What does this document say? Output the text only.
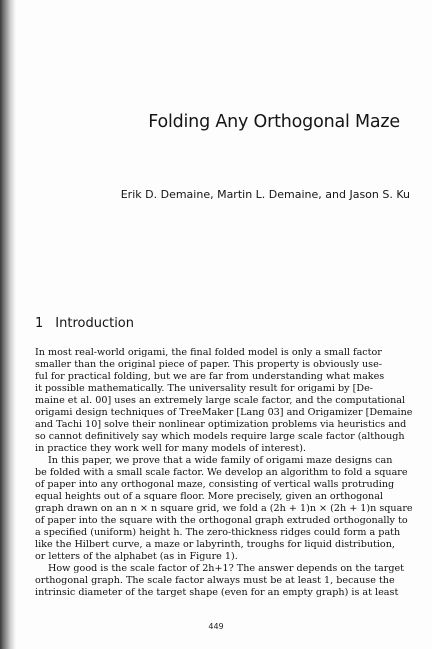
Folding Any Orthogonal Maze
Erik D. Demaine, Martin L. Demaine, and Jason S. Ku
1 Introduction
In most real-world origami, the final folded model is only a small factor
smaller than the original piece of paper. This property is obviously use-
ful for practical folding, but we are far from understanding what makes
it possible mathematically. The universality result for origami by [De-
maine et al. 00] uses an extremely large scale factor, and the computational
origami design techniques of TreeMaker [Lang 03] and Origamizer [Demaine
and Tachi 10] solve their nonlinear optimization problems via heuristics and
so cannot definitively say which models require large scale factor (although
in practice they work well for many models of interest).
In this paper, we prove that a wide family of origami maze designs can
be folded with a small scale factor. We develop an algorithm to fold a square
of paper into any orthogonal maze, consisting of vertical walls protruding
equal heights out of a square floor. More precisely, given an orthogonal
graph drawn on an n × n square grid, we fold a (2h + 1)n × (2h + 1)n square
of paper into the square with the orthogonal graph extruded orthogonally to
a specified (uniform) height h. The zero-thickness ridges could form a path
like the Hilbert curve, a maze or labyrinth, troughs for liquid distribution,
or letters of the alphabet (as in Figure 1).
How good is the scale factor of 2h+1? The answer depends on the target
orthogonal graph. The scale factor always must be at least 1, because the
intrinsic diameter of the target shape (even for an empty graph) is at least
449
